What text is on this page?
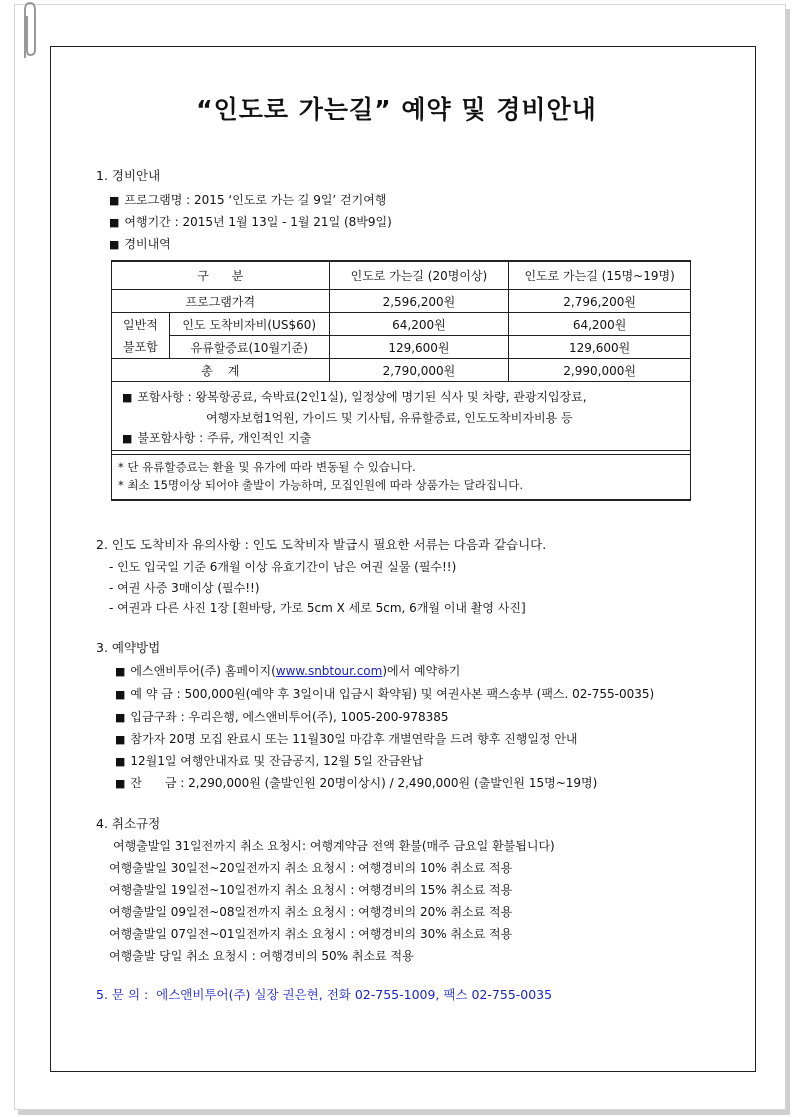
“인도로 가는길” 예약 및 경비안내
1. 경비안내
■ 프로그램명 : 2015 ‘인도로 가는 길 9일’ 걷기여행
■ 여행기간 : 2015년 1월 13일 - 1월 21일 (8박9일)
■ 경비내역
구      분		인도로 가는길 (20명이상)	인도로 가는길 (15명~19명)
프로그램가격		2,596,200원	2,796,200원

일반적
불포함	인도 도착비자비(US$60)	64,200원	64,200원
	유류할증료(10월기준)	129,600원	129,600원
총    계		2,790,000원	2,990,000원

■ 포함사항 : 왕복항공료, 숙박료(2인1실), 일정상에 명기된 식사 및 차량, 관광지입장료,
여행자보험1억원, 가이드 및 기사팁, 유류할증료, 인도도착비자비용 등
■ 불포함사항 : 주류, 개인적인 지출			
* 단 유류할증료는 환율 및 유가에 따라 변동될 수 있습니다.
* 최소 15명이상 되어야 출발이 가능하며, 모집인원에 따라 상품가는 달라집니다.
2. 인도 도착비자 유의사항 : 인도 도착비자 발급시 필요한 서류는 다음과 같습니다.
- 인도 입국일 기준 6개월 이상 유효기간이 남은 여권 실물 (필수!!)
- 여권 사증 3매이상 (필수!!)
- 여권과 다른 사진 1장 [흰바탕, 가로 5cm X 세로 5cm, 6개월 이내 촬영 사진]
3. 예약방법
■ 에스앤비투어(주) 홈페이지(www.snbtour.com)에서 예약하기
■ 예 약 금 : 500,000원(예약 후 3일이내 입금시 확약됨) 및 여권사본 팩스송부 (팩스. 02-755-0035)
■ 입금구좌 : 우리은행, 에스앤비투어(주), 1005-200-978385
■ 참가자 20명 모집 완료시 또는 11월30일 마감후 개별연락을 드려 향후 진행일정 안내
■ 12월1일 여행안내자료 및 잔금공지, 12월 5일 잔금완납
■ 잔      금 : 2,290,000원 (출발인원 20명이상시) / 2,490,000원 (출발인원 15명~19명)
4. 취소규정
여행출발일 31일전까지 취소 요청시: 여행계약금 전액 환불(매주 금요일 환불됩니다)
여행출발일 30일전~20일전까지 취소 요청시 : 여행경비의 10% 취소료 적용
여행출발일 19일전~10일전까지 취소 요청시 : 여행경비의 15% 취소료 적용
여행출발일 09일전~08일전까지 취소 요청시 : 여행경비의 20% 취소료 적용
여행출발일 07일전~01일전까지 취소 요청시 : 여행경비의 30% 취소료 적용
여행출발 당일 취소 요청시 : 여행경비의 50% 취소료 적용
5. 문 의 :  에스앤비투어(주) 실장 권은현, 전화 02-755-1009, 팩스 02-755-0035
